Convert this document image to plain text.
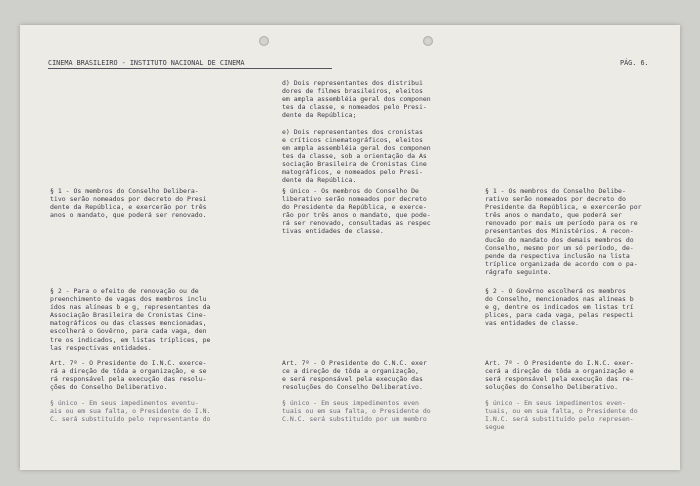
CINEMA BRASILEIRO - INSTITUTO NACIONAL DE CINEMA	PÁG. 6.
d) Dois representantes dos distribui
dores de filmes brasileiros, eleitos
em ampla assembléia geral dos componen
tes da classe, e nomeados pelo Presi-
dente da República;

e) Dois representantes dos cronistas
e críticos cinematográficos, eleitos
em ampla assembléia geral dos componen
tes da classe, sob a orientação da As
sociação Brasileira de Cronistas Cine
matográficos, e nomeados pelo Presi-
dente da República.
§ 1 - Os membros do Conselho Delibera-
tivo serão nomeados por decreto do Presi
dente da República, e exercerão por três
anos o mandato, que poderá ser renovado.
§ 2 - Para o efeito de renovação ou de
preenchimento de vagas dos membros inclu
ídos nas alíneas b e g, representantes da
Associação Brasileira de Cronistas Cine-
matográficos ou das classes mencionadas,
escolherá o Govêrno, para cada vaga, den
tre os indicados, em listas tríplices, pe
las respectivas entidades.
Art. 7º - O Presidente do I.N.C. exerce-
rá a direção de tôda a organização, e se
rá responsável pela execução das resolu-
ções do Conselho Deliberativo.
§ único - Em seus impedimentos eventu-
ais ou em sua falta, o Presidente do I.N.
C. será substituído pelo representante do
§ único - Os membros do Conselho De
liberativo serão nomeados por decreto
do Presidente da República, e exerce-
rão por três anos o mandato, que pode-
rá ser renovado, consultadas as respec
tivas entidades de classe.
Art. 7º - O Presidente do C.N.C. exer
ce a direção de tôda a organização,
e será responsável pela execução das
resoluções do Conselho Deliberativo.
§ único - Em seus impedimentos even
tuais ou em sua falta, o Presidente do
C.N.C. será substituído por um membro
§ 1 - Os membros do Conselho Delibe-
rativo serão nomeados por decreto do
Presidente da República, e exercerão por
três anos o mandato, que poderá ser
renovado por mais um período para os re
presentantes dos Ministérios. A recon-
ducão do mandato dos demais membros do
Conselho, mesmo por um só período, de-
pende da respectiva inclusão na lista
tríplice organizada de acordo com o pa-
rágrafo seguinte.
§ 2 - O Govêrno escolherá os membros
do Conselho, mencionados nas alíneas b
e g, dentre os indicados em listas trí
plices, para cada vaga, pelas respecti
vas entidades de classe.
Art. 7º - O Presidente do I.N.C. exer-
cerá a direção de tôda a organização e
será responsável pela execução das re-
soluções do Conselho Deliberativo.
§ único - Em seus impedimentos even-
tuais, ou em sua falta, o Presidente do
I.N.C. será substituído pelo represen-
segue
